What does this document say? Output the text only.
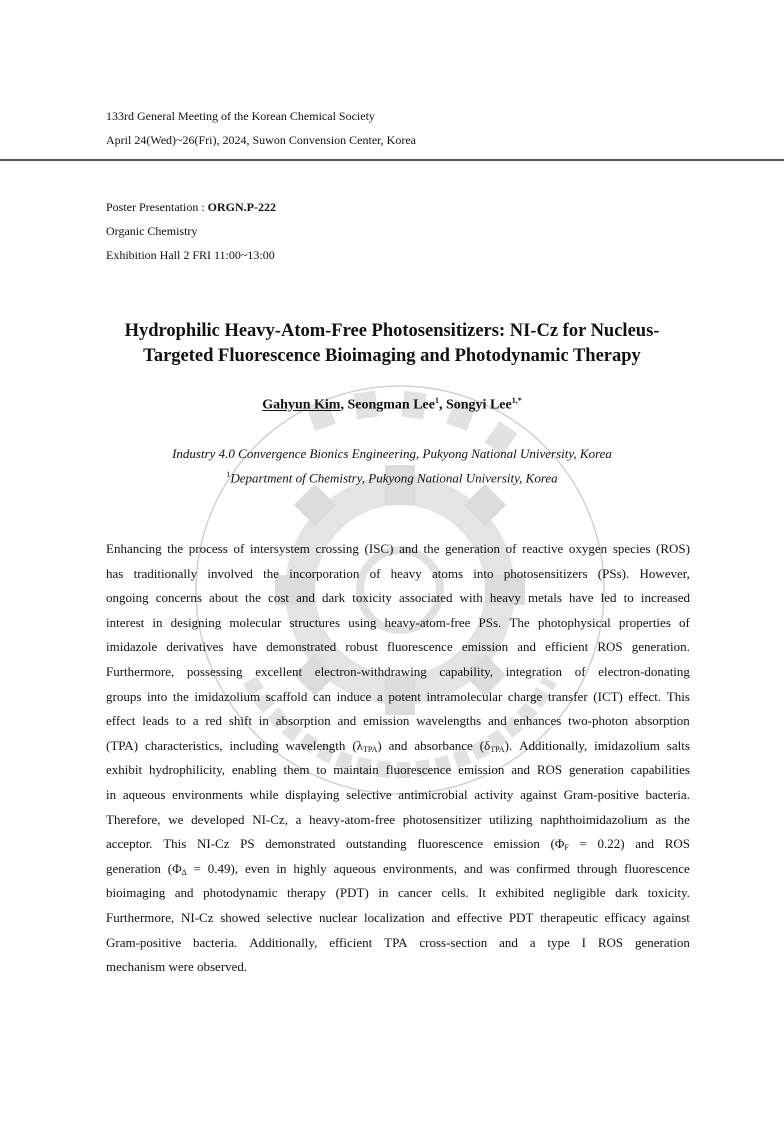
133rd General Meeting of the Korean Chemical Society
April 24(Wed)~26(Fri), 2024, Suwon Convension Center, Korea
Poster Presentation : ORGN.P-222
Organic Chemistry
Exhibition Hall 2 FRI 11:00~13:00
Hydrophilic Heavy-Atom-Free Photosensitizers: NI-Cz for Nucleus-
Targeted Fluorescence Bioimaging and Photodynamic Therapy
Gahyun Kim, Seongman Lee$^1$, Songyi Lee$^{1,*}$
Industry 4.0 Convergence Bionics Engineering, Pukyong National University, Korea
$^1$Department of Chemistry, Pukyong National University, Korea
Enhancing the process of intersystem crossing (ISC) and the generation of reactive oxygen species (ROS)
has traditionally involved the incorporation of heavy atoms into photosensitizers (PSs). However,
ongoing concerns about the cost and dark toxicity associated with heavy metals have led to increased
interest in designing molecular structures using heavy-atom-free PSs. The photophysical properties of
imidazole derivatives have demonstrated robust fluorescence emission and efficient ROS generation.
Furthermore, possessing excellent electron-withdrawing capability, integration of electron-donating
groups into the imidazolium scaffold can induce a potent intramolecular charge transfer (ICT) effect. This
effect leads to a red shift in absorption and emission wavelengths and enhances two-photon absorption
(TPA) characteristics, including wavelength $(\lambda_{TPA})$ and absorbance $(\delta_{TPA})$. Additionally, imidazolium salts
exhibit hydrophilicity, enabling them to maintain fluorescence emission and ROS generation capabilities
in aqueous environments while displaying selective antimicrobial activity against Gram-positive bacteria.
Therefore, we developed NI-Cz, a heavy-atom-free photosensitizer utilizing naphthoimidazolium as the
acceptor. This NI-Cz PS demonstrated outstanding fluorescence emission $(\Phi_F = 0.22)$ and ROS
generation $(\Phi_\Delta = 0.49)$, even in highly aqueous environments, and was confirmed through fluorescence
bioimaging and photodynamic therapy (PDT) in cancer cells. It exhibited negligible dark toxicity.
Furthermore, NI-Cz showed selective nuclear localization and effective PDT therapeutic efficacy against
Gram-positive bacteria. Additionally, efficient TPA cross-section and a type I ROS generation
mechanism were observed.
